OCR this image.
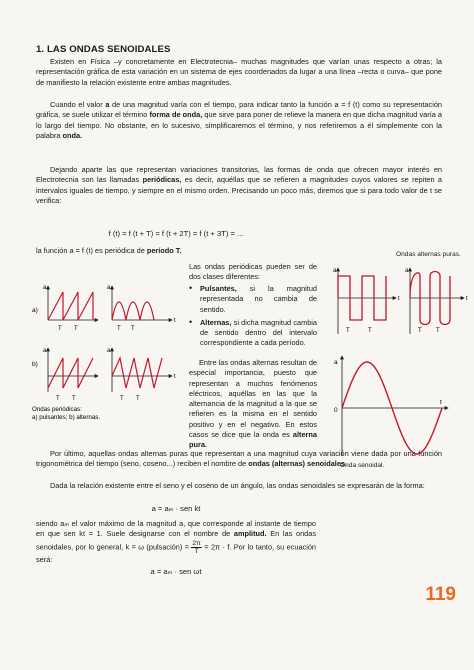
1. LAS ONDAS SENOIDALES
Existen en Física –y concretamente en Electrotecnia– muchas magnitudes que varían unas respecto a otras; la representación gráfica de esta variación en un sistema de ejes coordenados da lugar a una línea –recta o curva– que pone de manifiesto la relación existente entre ambas magnitudes.
Cuando el valor a de una magnitud varía con el tiempo, para indicar tanto la función a = f (t) como su representación gráfica, se suele utilizar el término forma de onda, que sirve para poner de relieve la manera en que dicha magnitud varía a lo largo del tiempo. No obstante, en lo sucesivo, simplificaremos el término, y nos referiremos a él simplemente con la palabra onda.
Dejando aparte las que representan variaciones transitorias, las formas de onda que ofrecen mayor interés en Electrotecnia son las llamadas periódicas, es decir, aquéllas que se refieren a magnitudes cuyos valores se repiten a intervalos iguales de tiempo, y siempre en el mismo orden. Precisando un poco más, diremos que si para todo valor de t se verifica:
f (t) = f (t + T) = f (t + 2T) = f (t + 3T) = ...
la función a = f (t) es periódica de período T.
Las ondas periódicas pueden ser de dos clases diferentes:
• Pulsantes, si la magnitud representada no cambia de sentido.
• Alternas, si dicha magnitud cambia de sentido dentro del intervalo correspondiente a cada período.
Entre las ondas alternas resultan de especial importancia, puesto que representan a muchos fenómenos eléctricos, aquéllas en las que la alternancia de la magnitud a la que se refieren es la misma en el sentido positivo y en el negativo. En estos casos se dice que la onda es alterna pura.
Por último, aquellas ondas alternas puras que representan a una magnitud cuya variación viene dada por una función trigonométrica del tiempo (seno, coseno...) reciben el nombre de ondas (alternas) senoidales.
Dada la relación existente entre el seno y el coseno de un ángulo, las ondas senoidales se expresarán de la forma:
a = aₘ · sen kt
siendo aₘ el valor máximo de la magnitud a, que corresponde al instante de tiempo en que sen kt = 1. Suele designarse con el nombre de amplitud. En las ondas senoidales, por lo general, k = ω (pulsación) = $\frac{2\pi}{T} = 2\pi \cdot f$. Por lo tanto, su ecuación será:
a = aₘ · sen ωt
119
a)
b)
a
T T
a
t
T T
a
T T
a
t
T T
Ondas periódicas:
a) pulsantes; b) alternas.
Ondas alternas puras.
a
t
T	T
a
t
T T
a
0
t
Onda senoidal.
